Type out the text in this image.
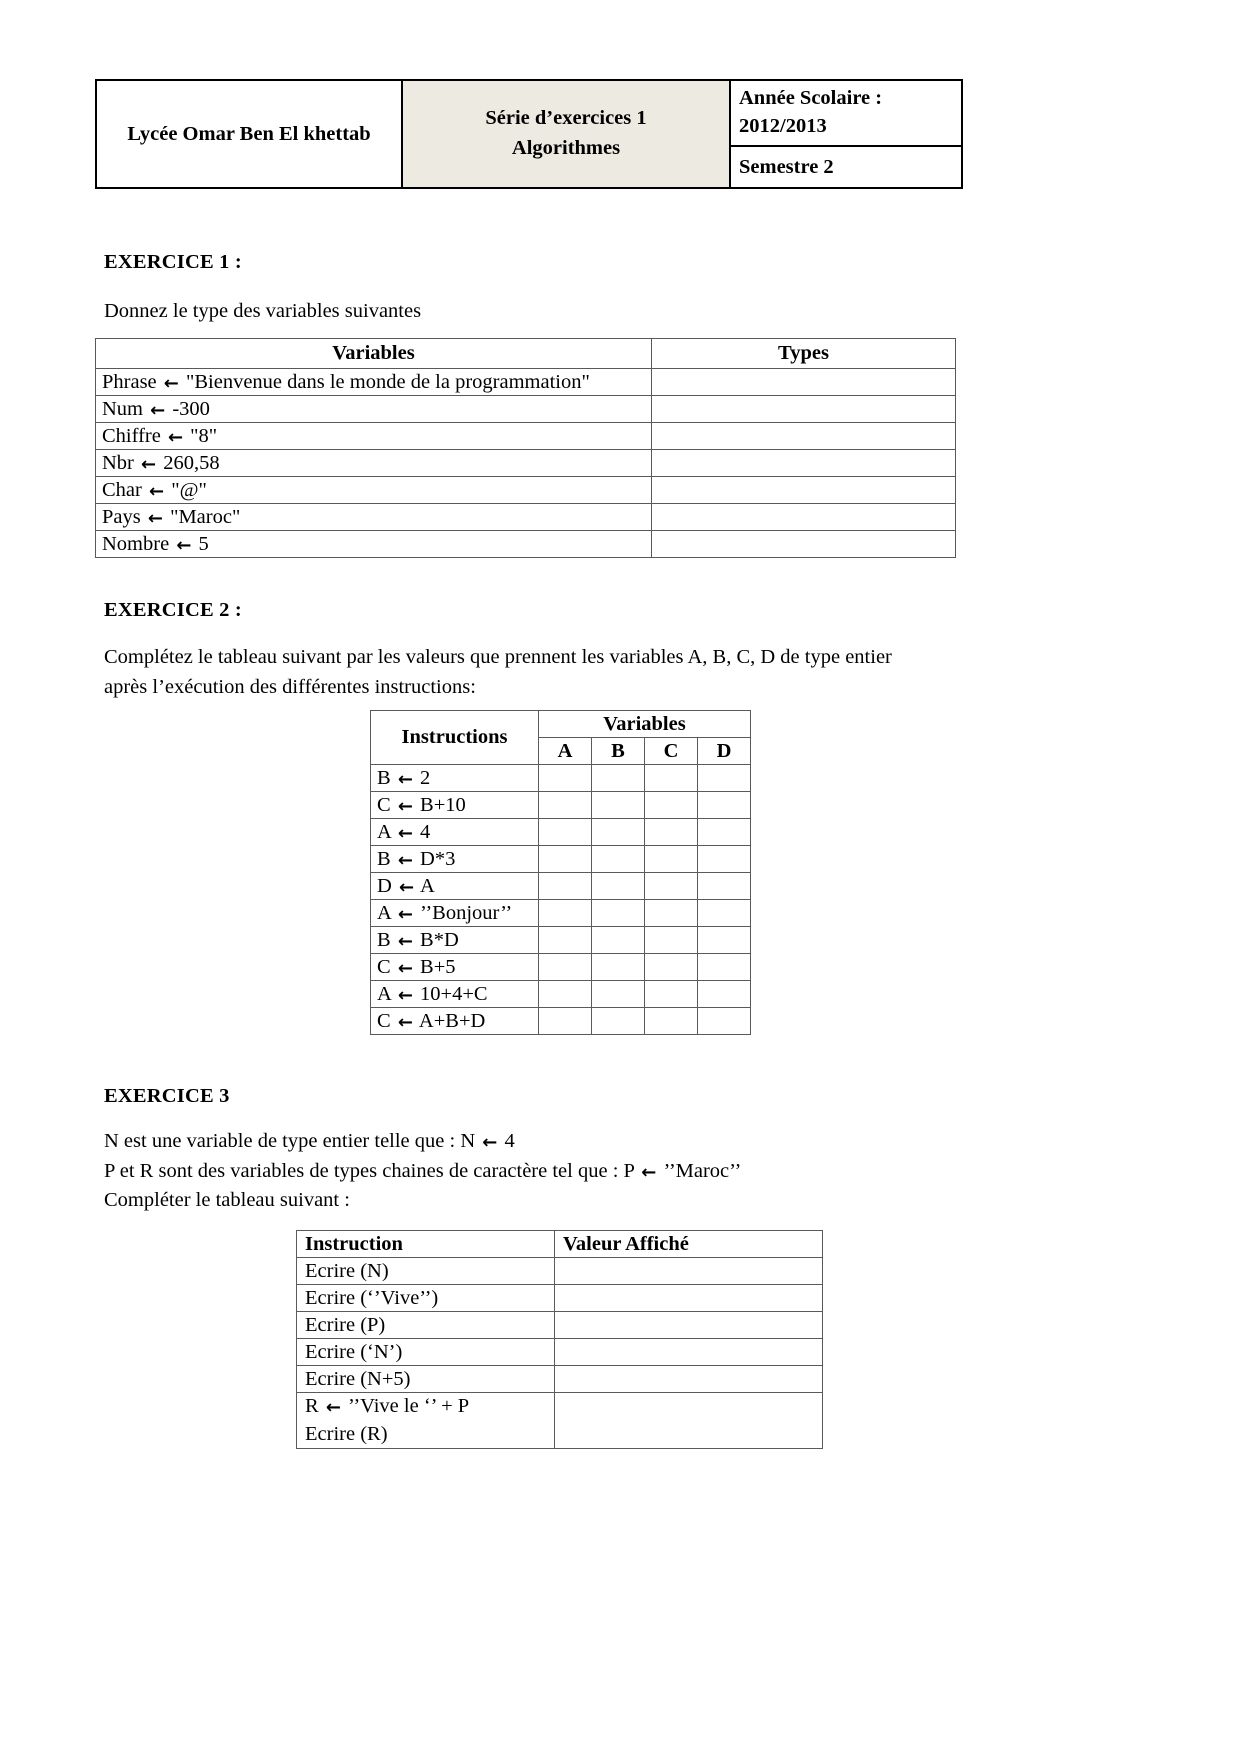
Lycée Omar Ben El khettab	
Série d’exercices 1
Algorithmes

Année Scolaire :
2012/2013

Semestre 2
EXERCICE 1 :
Donnez le type des variables suivantes
Variables	Types
Phrase ← "Bienvenue dans le monde de la programmation"	
Num ← -300	
Chiffre ← "8"	
Nbr ← 260,58	
Char ← "@"	
Pays ← "Maroc"	
Nombre ← 5	
EXERCICE 2 :
Complétez le tableau suivant par les valeurs que prennent les variables A, B, C, D de type entier
après l’exécution des différentes instructions:
Instructions	Variables			
	A	B	C	D
B ← 2				
C ← B+10				
A ← 4				
B ← D*3				
D ← A				
A ← ’’Bonjour’’				
B ← B*D				
C ← B+5				
A ← 10+4+C				
C ← A+B+D				
EXERCICE 3
N est une variable de type entier telle que : N ← 4
P et R sont des variables de types chaines de caractère tel que : P ← ’’Maroc’’
Compléter le tableau suivant :
Instruction	Valeur Affiché
Ecrire (N)	
Ecrire (‘’Vive’’)	
Ecrire (P)	
Ecrire (‘N’)	
Ecrire (N+5)	

R ← ’’Vive le ‘’ + P
Ecrire (R)	
